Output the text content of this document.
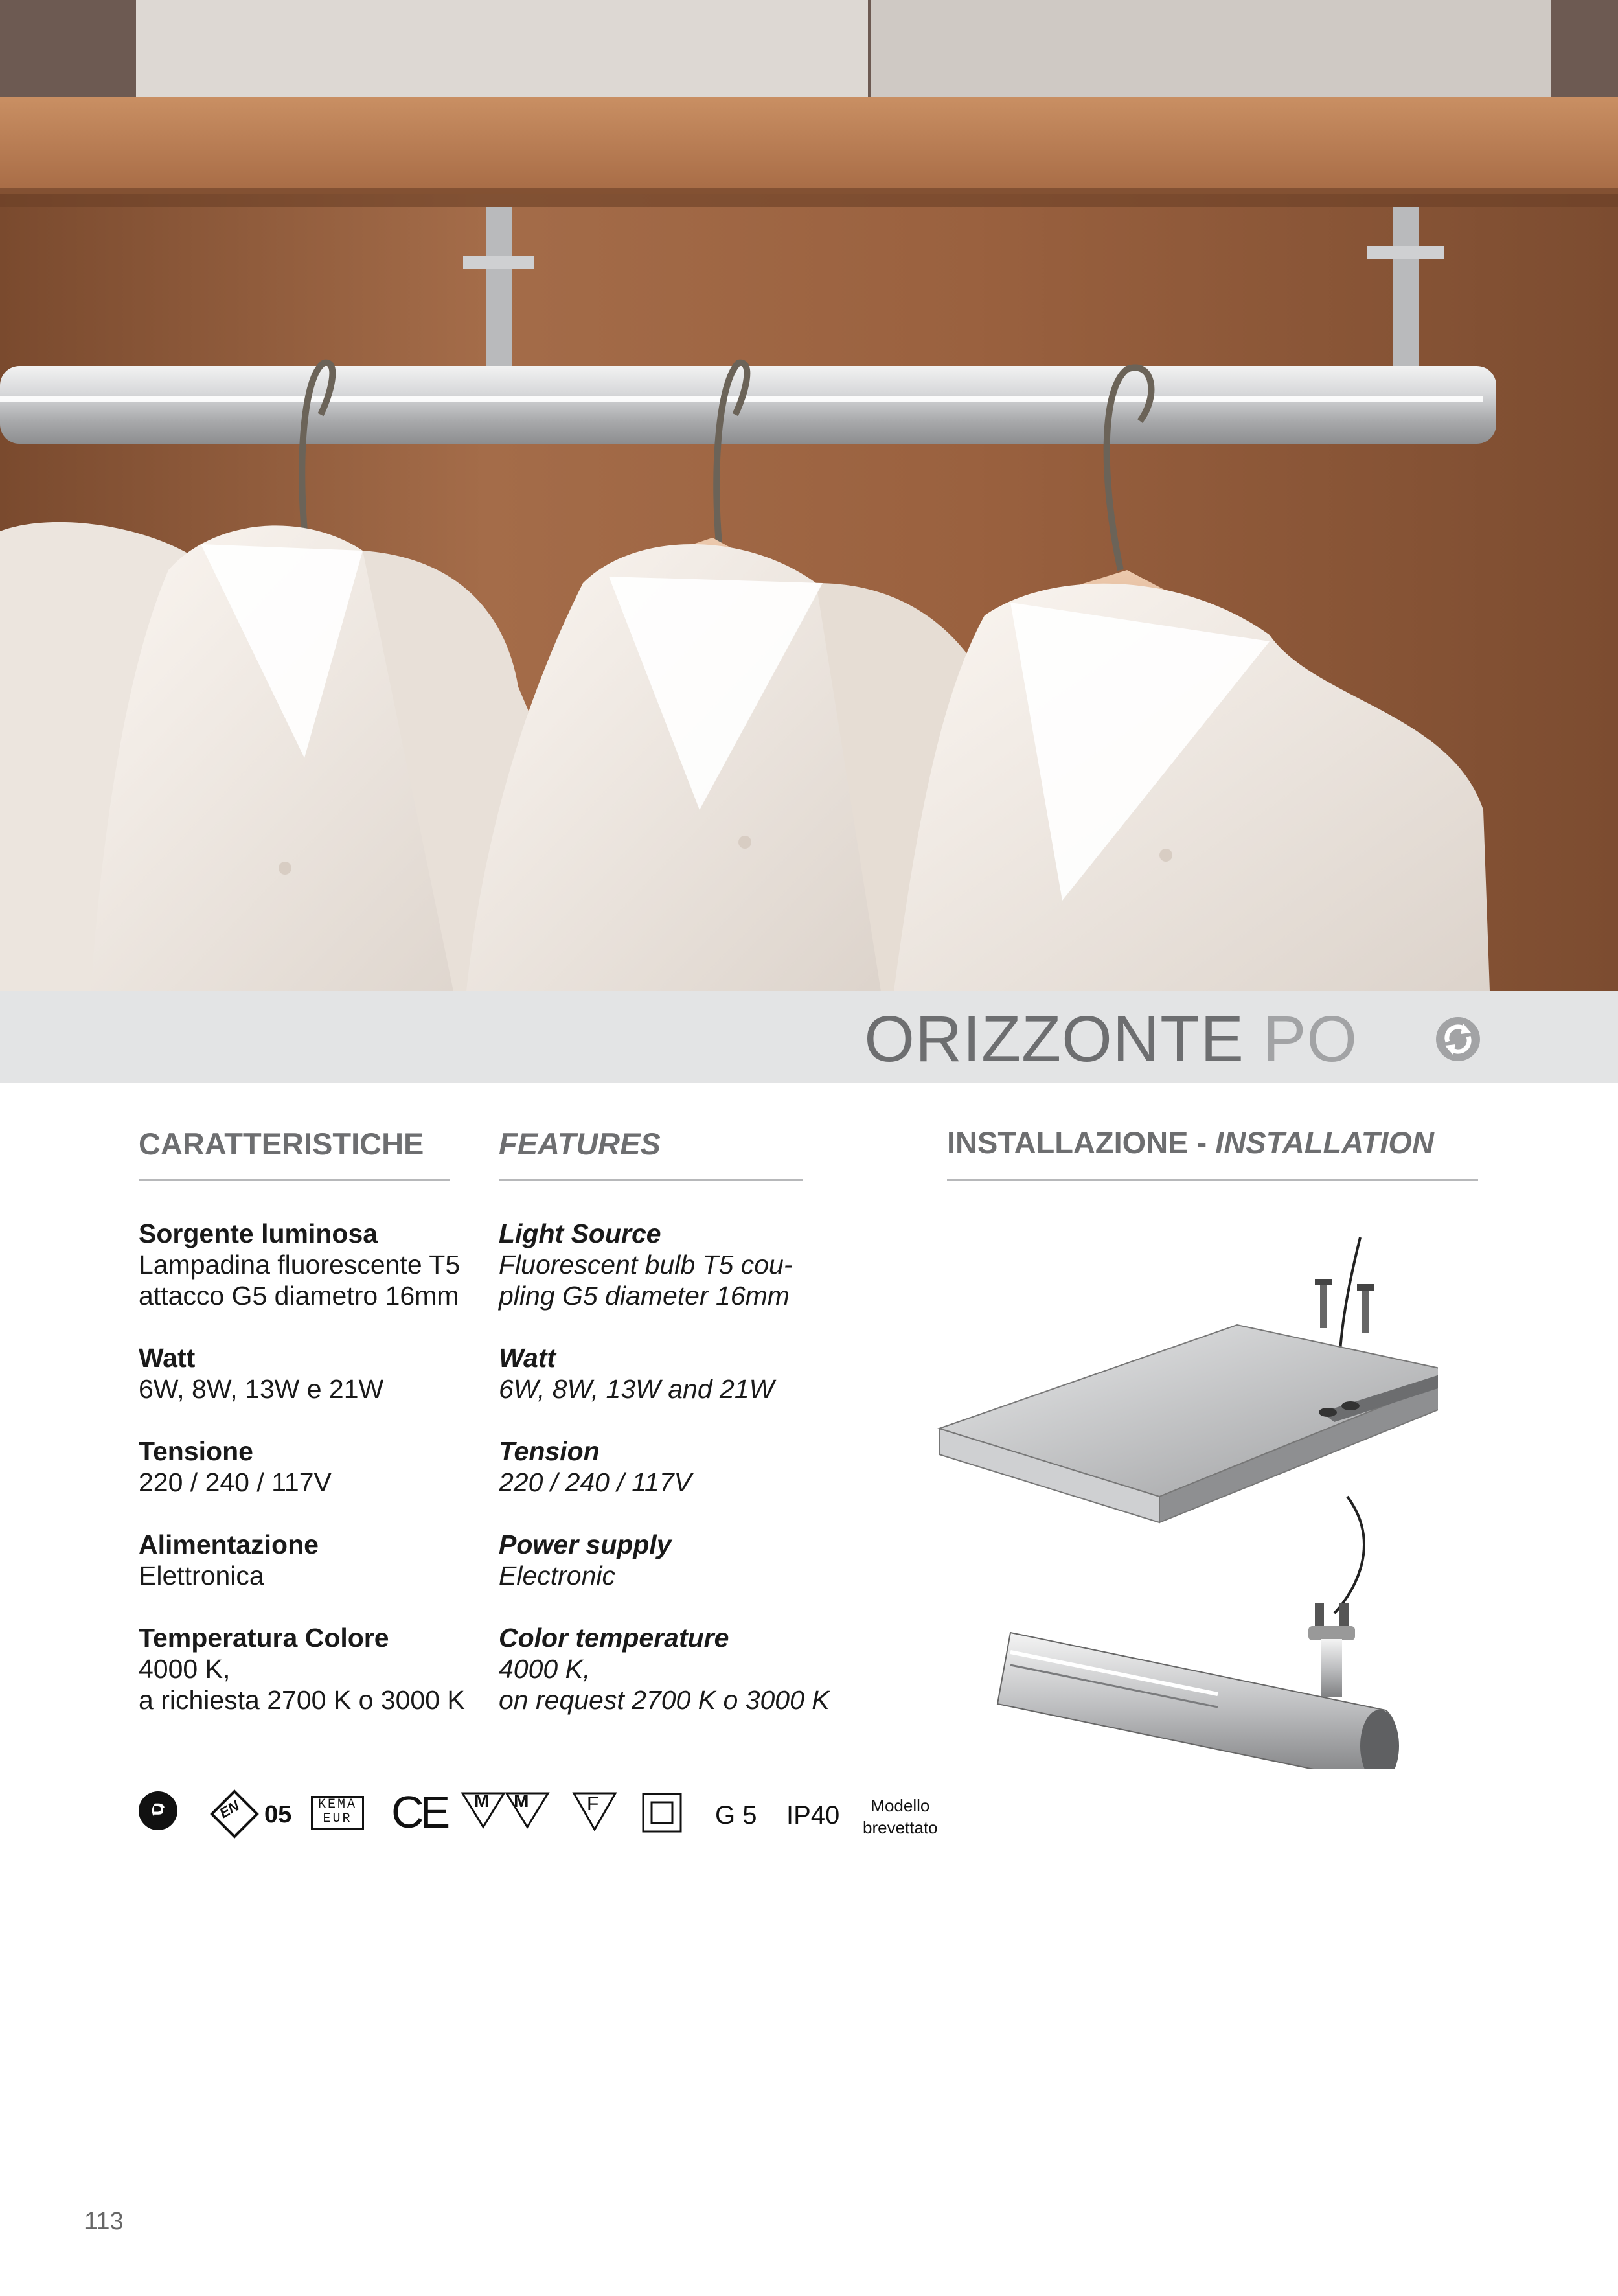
ORIZZONTE PO
CARATTERISTICHE FEATURES	INSTALLAZIONE - INSTALLATION
Sorgente luminosa
Lampadina fluorescente T5
attacco G5 diametro 16mm
Watt
6W, 8W, 13W e 21W
Tensione
220 / 240 / 117V
Alimentazione
Elettronica
Temperatura Colore
4000 K,
a richiesta 2700 K o 3000 K
Light Source
Fluorescent bulb T5 cou-
pling G5 diameter 16mm
Watt
6W, 8W, 13W and 21W
Tension
220 / 240 / 117V
Power supply
Electronic
Color temperature
4000 K,
on request 2700 K o 3000 K
P	EN 05	KEMA
EUR CE M M	F	G 5 IP40	Modello
brevettato
113
